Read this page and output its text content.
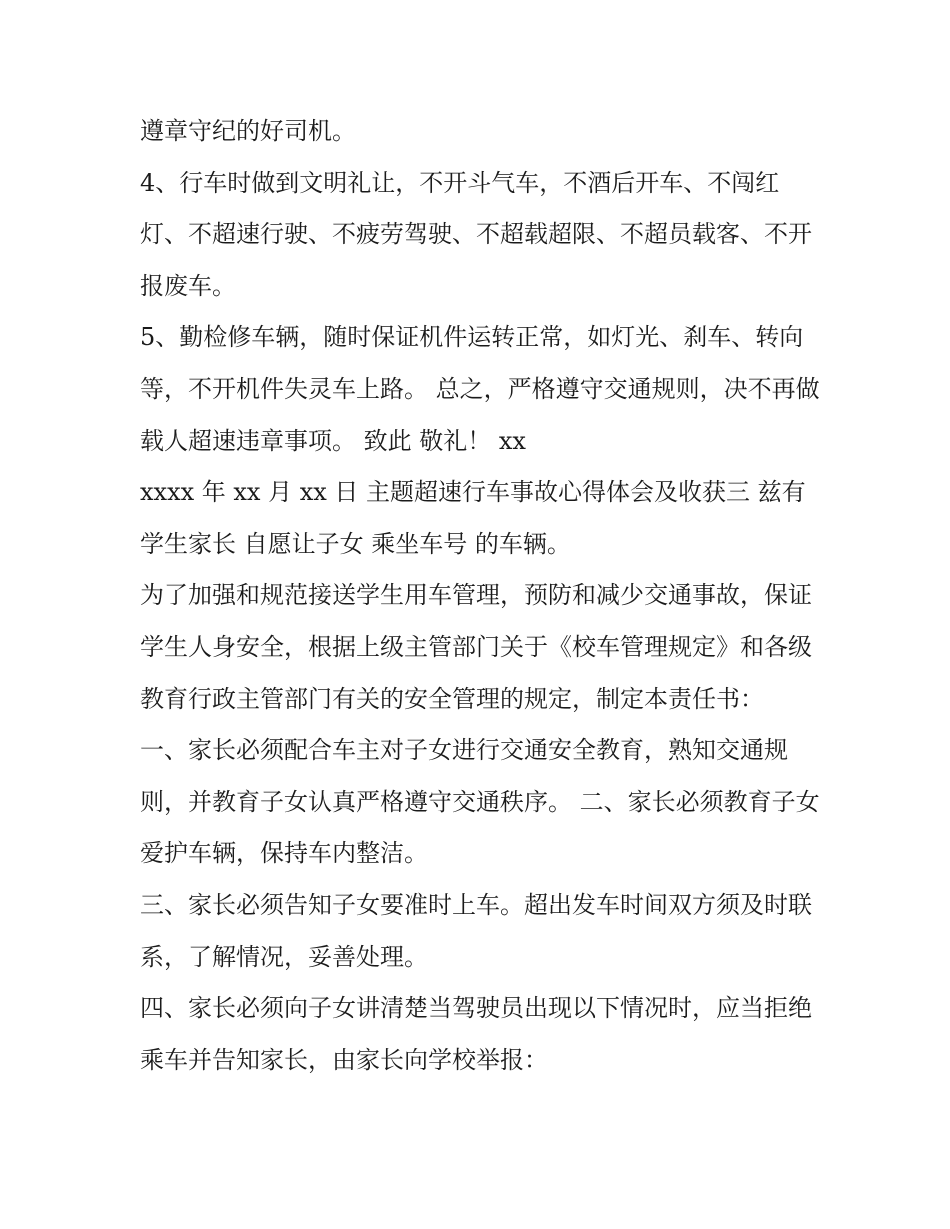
遵章守纪的好司机。

4、行车时做到文明礼让，不开斗气车，不酒后开车、不闯红灯、不超速行驶、不疲劳驾驶、不超载超限、不超员载客、不开报废车。

5、勤检修车辆，随时保证机件运转正常，如灯光、刹车、转向等，不开机件失灵车上路。 总之，严格遵守交通规则，决不再做载人超速违章事项。 致此 敬礼！ xx

xxxx 年 xx 月 xx 日 主题超速行车事故心得体会及收获三 兹有学生家长 自愿让子女 乘坐车号 的车辆。

为了加强和规范接送学生用车管理，预防和减少交通事故，保证学生人身安全，根据上级主管部门关于《校车管理规定》和各级教育行政主管部门有关的安全管理的规定，制定本责任书：

一、家长必须配合车主对子女进行交通安全教育，熟知交通规则，并教育子女认真严格遵守交通秩序。 二、家长必须教育子女爱护车辆，保持车内整洁。

三、家长必须告知子女要准时上车。超出发车时间双方须及时联系，了解情况，妥善处理。

四、家长必须向子女讲清楚当驾驶员出现以下情况时，应当拒绝乘车并告知家长，由家长向学校举报：
